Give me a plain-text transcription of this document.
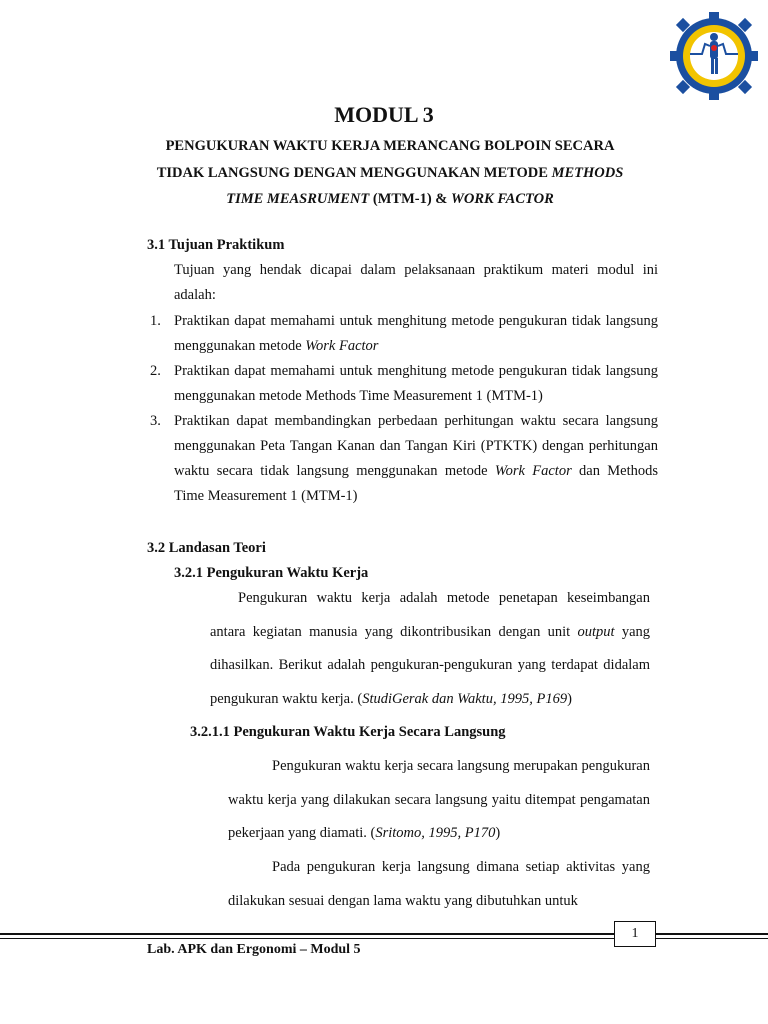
MODUL 3
PENGUKURAN WAKTU KERJA MERANCANG BOLPOIN SECARA
TIDAK LANGSUNG DENGAN MENGGUNAKAN METODE METHODS
TIME MEASRUMENT (MTM-1) & WORK FACTOR
3.1 Tujuan Praktikum
Tujuan yang hendak dicapai dalam pelaksanaan praktikum materi modul ini adalah:
1. Praktikan dapat memahami untuk menghitung metode pengukuran tidak langsung menggunakan metode Work Factor
2. Praktikan dapat memahami untuk menghitung metode pengukuran tidak langsung menggunakan metode Methods Time Measurement 1 (MTM-1)
3. Praktikan dapat membandingkan perbedaan perhitungan waktu secara langsung menggunakan Peta Tangan Kanan dan Tangan Kiri (PTKTK) dengan perhitungan waktu secara tidak langsung menggunakan metode Work Factor dan Methods Time Measurement 1 (MTM-1)
3.2 Landasan Teori
3.2.1 Pengukuran Waktu Kerja
Pengukuran waktu kerja adalah metode penetapan keseimbangan antara kegiatan manusia yang dikontribusikan dengan unit output yang dihasilkan. Berikut adalah pengukuran-pengukuran yang terdapat didalam pengukuran waktu kerja. (StudiGerak dan Waktu, 1995, P169)
3.2.1.1 Pengukuran Waktu Kerja Secara Langsung
Pengukuran waktu kerja secara langsung merupakan pengukuran waktu kerja yang dilakukan secara langsung yaitu ditempat pengamatan pekerjaan yang diamati. (Sritomo, 1995, P170)
Pada pengukuran kerja langsung dimana setiap aktivitas yang dilakukan sesuai dengan lama waktu yang dibutuhkan untuk
1
Lab. APK dan Ergonomi – Modul 5
